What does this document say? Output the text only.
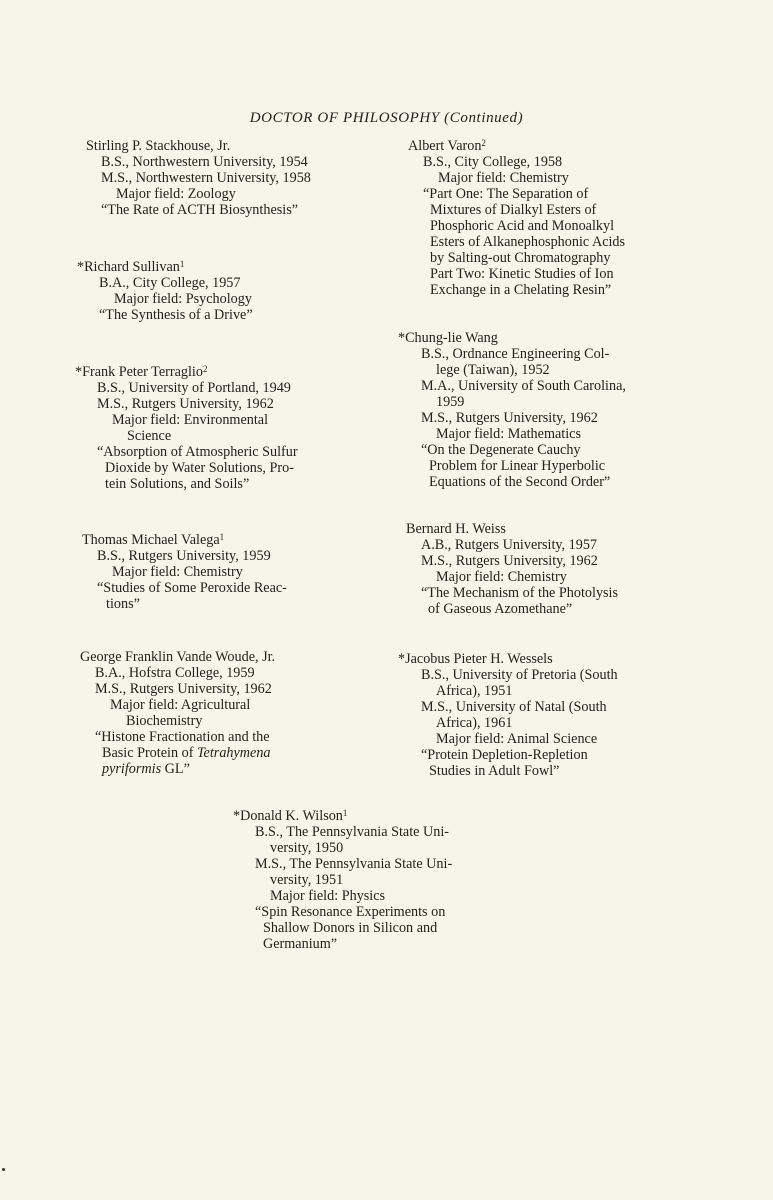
DOCTOR OF PHILOSOPHY (Continued)
Stirling P. Stackhouse, Jr.
B.S., Northwestern University, 1954
M.S., Northwestern University, 1958
Major field: Zoology
“The Rate of ACTH Biosynthesis”
*Richard Sullivan$^1$
B.A., City College, 1957
Major field: Psychology
“The Synthesis of a Drive”
*Frank Peter Terraglio$^2$
B.S., University of Portland, 1949
M.S., Rutgers University, 1962
Major field: Environmental
Science
“Absorption of Atmospheric Sulfur
Dioxide by Water Solutions, Pro-
tein Solutions, and Soils”
Thomas Michael Valega$^1$
B.S., Rutgers University, 1959
Major field: Chemistry
“Studies of Some Peroxide Reac-
tions”
George Franklin Vande Woude, Jr.
B.A., Hofstra College, 1959
M.S., Rutgers University, 1962
Major field: Agricultural
Biochemistry
“Histone Fractionation and the
Basic Protein of Tetrahymena
pyriformis GL”
Albert Varon$^2$
B.S., City College, 1958
Major field: Chemistry
“Part One: The Separation of
Mixtures of Dialkyl Esters of
Phosphoric Acid and Monoalkyl
Esters of Alkanephosphonic Acids
by Salting-out Chromatography
Part Two: Kinetic Studies of Ion
Exchange in a Chelating Resin”
*Chung-lie Wang
B.S., Ordnance Engineering Col-
lege (Taiwan), 1952
M.A., University of South Carolina,
1959
M.S., Rutgers University, 1962
Major field: Mathematics
“On the Degenerate Cauchy
Problem for Linear Hyperbolic
Equations of the Second Order”
Bernard H. Weiss
A.B., Rutgers University, 1957
M.S., Rutgers University, 1962
Major field: Chemistry
“The Mechanism of the Photolysis
of Gaseous Azomethane”
*Jacobus Pieter H. Wessels
B.S., University of Pretoria (South
Africa), 1951
M.S., University of Natal (South
Africa), 1961
Major field: Animal Science
“Protein Depletion-Repletion
Studies in Adult Fowl”
*Donald K. Wilson$^1$
B.S., The Pennsylvania State Uni-
versity, 1950
M.S., The Pennsylvania State Uni-
versity, 1951
Major field: Physics
“Spin Resonance Experiments on
Shallow Donors in Silicon and
Germanium”
